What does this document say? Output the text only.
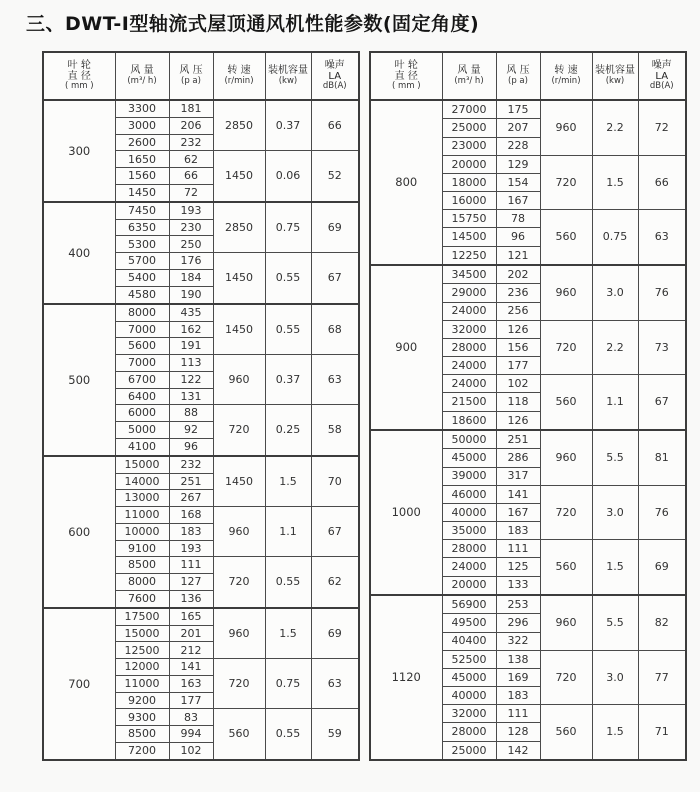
三、DWT-I型轴流式屋顶通风机性能参数(固定角度)
叶 轮
直 径
( mm )	风 量
(m³/ h)	风 压
(p a)	转 速
(r/min)	装机容量
(kw)	噪声
LA
dB(A)

300	3300	181	2850	0.37	66
	3000	206			
	2600	232			
	1650	62	1450	0.06	52
	1560	66			
	1450	72			
400	7450	193	2850	0.75	69
	6350	230			
	5300	250			
	5700	176	1450	0.55	67
	5400	184			
	4580	190			
500	8000	435	1450	0.55	68
	7000	162			
	5600	191			
	7000	113	960	0.37	63
	6700	122			
	6400	131			
	6000	88	720	0.25	58
	5000	92			
	4100	96			
600	15000	232	1450	1.5	70
	14000	251			
	13000	267			
	11000	168	960	1.1	67
	10000	183			
	9100	193			
	8500	111	720	0.55	62
	8000	127			
	7600	136			
700	17500	165	960	1.5	69
	15000	201			
	12500	212			
	12000	141	720	0.75	63
	11000	163			
	9200	177			
	9300	83	560	0.55	59
	8500	994			
	7200	102			
叶 轮
直 径
( mm )	风 量
(m³/ h)	风 压
(p a)	转 速
(r/min)	装机容量
(kw)	噪声
LA
dB(A)

800	27000	175	960	2.2	72
	25000	207			
	23000	228			
	20000	129	720	1.5	66
	18000	154			
	16000	167			
	15750	78	560	0.75	63
	14500	96			
	12250	121			
900	34500	202	960	3.0	76
	29000	236			
	24000	256			
	32000	126	720	2.2	73
	28000	156			
	24000	177			
	24000	102	560	1.1	67
	21500	118			
	18600	126			
1000	50000	251	960	5.5	81
	45000	286			
	39000	317			
	46000	141	720	3.0	76
	40000	167			
	35000	183			
	28000	111	560	1.5	69
	24000	125			
	20000	133			
1120	56900	253	960	5.5	82
	49500	296			
	40400	322			
	52500	138	720	3.0	77
	45000	169			
	40000	183			
	32000	111	560	1.5	71
	28000	128			
	25000	142			
